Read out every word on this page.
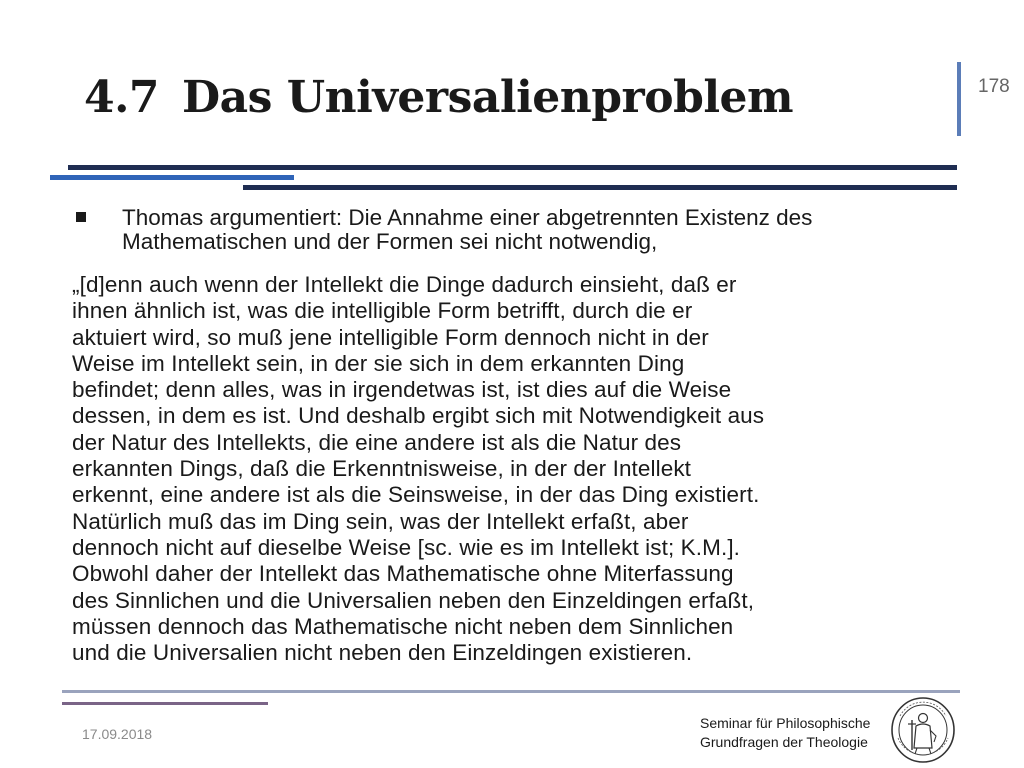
4.7 Das Universalienproblem	178

Thomas argumentiert: Die Annahme einer abgetrennten Existenz des Mathematischen und der Formen sei nicht notwendig,

„[d]enn auch wenn der Intellekt die Dinge dadurch einsieht, daß er
ihnen ähnlich ist, was die intelligible Form betrifft, durch die er
aktuiert wird, so muß jene intelligible Form dennoch nicht in der
Weise im Intellekt sein, in der sie sich in dem erkannten Ding
befindet; denn alles, was in irgendetwas ist, ist dies auf die Weise
dessen, in dem es ist. Und deshalb ergibt sich mit Notwendigkeit aus
der Natur des Intellekts, die eine andere ist als die Natur des
erkannten Dings, daß die Erkenntnisweise, in der der Intellekt
erkennt, eine andere ist als die Seinsweise, in der das Ding existiert.
Natürlich muß das im Ding sein, was der Intellekt erfaßt, aber
dennoch nicht auf dieselbe Weise [sc. wie es im Intellekt ist; K.M.].
Obwohl daher der Intellekt das Mathematische ohne Miterfassung
des Sinnlichen und die Universalien neben den Einzeldingen erfaßt,
müssen dennoch das Mathematische nicht neben dem Sinnlichen
und die Universalien nicht neben den Einzeldingen existieren.
17.09.2018
Seminar für Philosophische
Grundfragen der Theologie
